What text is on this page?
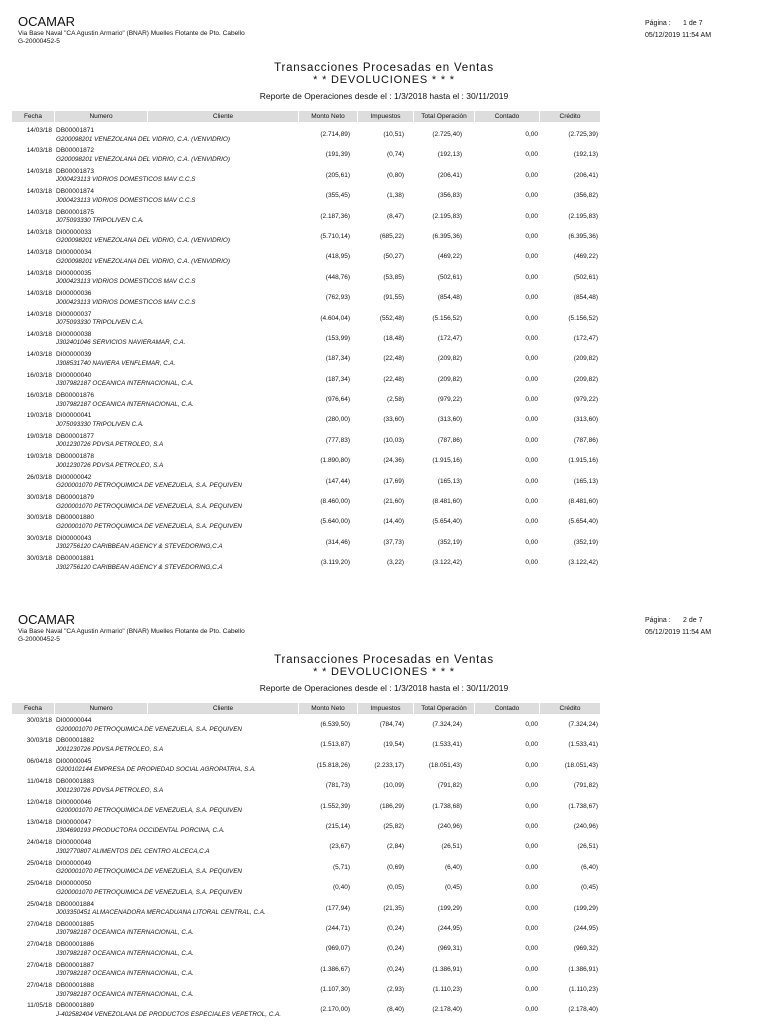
OCAMAR
Via Base Naval "CA Agustin Armario" (BNAR) Muelles Flotante de Pto. Cabello
G-20000452-5
Página : 1 de 7
05/12/2019 11:54 AM
Transacciones Procesadas en Ventas
* * DEVOLUCIONES * * *
Reporte de Operaciones desde el : 1/3/2018 hasta el : 30/11/2019
Fecha	Numero	Cliente	Monto Neto	Impuestos	Total Operación	Contado	Crédito
14/03/18 DB00001871
G200098201 VENEZOLANA DEL VIDRIO, C.A. (VENVIDRIO)
(2.714,89)	(10,51)	(2.725,40)	0,00	(2.725,39)
14/03/18 DB00001872
G200098201 VENEZOLANA DEL VIDRIO, C.A. (VENVIDRIO)
(191,39)	(0,74)	(192,13)	0,00	(192,13)
14/03/18 DB00001873
J000423113 VIDRIOS DOMESTICOS MAV C.C.S
(205,61)	(0,80)	(206,41)	0,00	(206,41)
14/03/18 DB00001874
J000423113 VIDRIOS DOMESTICOS MAV C.C.S
(355,45)	(1,38)	(356,83)	0,00	(356,82)
14/03/18 DB00001875
J075093330 TRIPOLIVEN C.A.
(2.187,36)	(8,47)	(2.195,83)	0,00	(2.195,83)
14/03/18 DI00000033
G200098201 VENEZOLANA DEL VIDRIO, C.A. (VENVIDRIO)
(5.710,14)	(685,22)	(6.395,36)	0,00	(6.395,36)
14/03/18 DI00000034
G200098201 VENEZOLANA DEL VIDRIO, C.A. (VENVIDRIO)
(418,95)	(50,27)	(469,22)	0,00	(469,22)
14/03/18 DI00000035
J000423113 VIDRIOS DOMESTICOS MAV C.C.S
(448,76)	(53,85)	(502,61)	0,00	(502,61)
14/03/18 DI00000036
J000423113 VIDRIOS DOMESTICOS MAV C.C.S
(762,93)	(91,55)	(854,48)	0,00	(854,48)
14/03/18 DI00000037
J075093330 TRIPOLIVEN C.A.
(4.604,04)	(552,48)	(5.156,52)	0,00	(5.156,52)
14/03/18 DI00000038
J302401046 SERVICIOS NAVIERAMAR, C.A.
(153,99)	(18,48)	(172,47)	0,00	(172,47)
14/03/18 DI00000039
J308531740 NAVIERA VENFLEMAR, C.A.
(187,34)	(22,48)	(209,82)	0,00	(209,82)
16/03/18 DI00000040
J307982187 OCEANICA INTERNACIONAL, C.A.
(187,34)	(22,48)	(209,82)	0,00	(209,82)
16/03/18 DB00001876
J307982187 OCEANICA INTERNACIONAL, C.A.
(976,64)	(2,58)	(979,22)	0,00	(979,22)
19/03/18 DI00000041
J075093330 TRIPOLIVEN C.A.
(280,00)	(33,60)	(313,60)	0,00	(313,60)
19/03/18 DB00001877
J001230726 PDVSA PETROLEO, S.A
(777,83)	(10,03)	(787,86)	0,00	(787,86)
19/03/18 DB00001878
J001230726 PDVSA PETROLEO, S.A
(1.890,80)	(24,36)	(1.915,16)	0,00	(1.915,16)
26/03/18 DI00000042
G200001070 PETROQUIMICA DE VENEZUELA, S.A. PEQUIVEN
(147,44)	(17,69)	(165,13)	0,00	(165,13)
30/03/18 DB00001879
G200001070 PETROQUIMICA DE VENEZUELA, S.A. PEQUIVEN
(8.460,00)	(21,60)	(8.481,60)	0,00	(8.481,60)
30/03/18 DB00001880
G200001070 PETROQUIMICA DE VENEZUELA, S.A. PEQUIVEN
(5.640,00)	(14,40)	(5.654,40)	0,00	(5.654,40)
30/03/18 DI00000043
J302756120 CARIBBEAN AGENCY & STEVEDORING,C.A
(314,46)	(37,73)	(352,19)	0,00	(352,19)
30/03/18 DB00001881
J302756120 CARIBBEAN AGENCY & STEVEDORING,C.A
(3.119,20)	(3,22)	(3.122,42)	0,00	(3.122,42)
OCAMAR
Via Base Naval "CA Agustin Armario" (BNAR) Muelles Flotante de Pto. Cabello
G-20000452-5
Página : 2 de 7
05/12/2019 11:54 AM
Transacciones Procesadas en Ventas
* * DEVOLUCIONES * * *
Reporte de Operaciones desde el : 1/3/2018 hasta el : 30/11/2019
Fecha	Numero	Cliente	Monto Neto	Impuestos	Total Operación	Contado	Crédito
30/03/18 DI00000044
G200001070 PETROQUIMICA DE VENEZUELA, S.A. PEQUIVEN
(6.539,50)	(784,74)	(7.324,24)	0,00	(7.324,24)
30/03/18 DB00001882
J001230726 PDVSA PETROLEO, S.A
(1.513,87)	(19,54)	(1.533,41)	0,00	(1.533,41)
06/04/18 DI00000045
G200102144 EMPRESA DE PROPIEDAD SOCIAL AGROPATRIA, S.A.
(15.818,26)	(2.233,17)	(18.051,43)	0,00	(18.051,43)
11/04/18 DB00001883
J001230726 PDVSA PETROLEO, S.A
(781,73)	(10,09)	(791,82)	0,00	(791,82)
12/04/18 DI00000046
G200001070 PETROQUIMICA DE VENEZUELA, S.A. PEQUIVEN
(1.552,39)	(186,29)	(1.738,68)	0,00	(1.738,67)
13/04/18 DI00000047
J304690193 PRODUCTORA OCCIDENTAL PORCINA, C.A.
(215,14)	(25,82)	(240,96)	0,00	(240,96)
24/04/18 DI00000048
J302770807 ALIMENTOS DEL CENTRO ALCECA,C.A
(23,67)	(2,84)	(26,51)	0,00	(26,51)
25/04/18 DI00000049
G200001070 PETROQUIMICA DE VENEZUELA, S.A. PEQUIVEN
(5,71)	(0,69)	(6,40)	0,00	(6,40)
25/04/18 DI00000050
G200001070 PETROQUIMICA DE VENEZUELA, S.A. PEQUIVEN
(0,40)	(0,05)	(0,45)	0,00	(0,45)
25/04/18 DB00001884
J003350451 ALMACENADORA MERCADUANA LITORAL CENTRAL, C.A.
(177,94)	(21,35)	(199,29)	0,00	(199,29)
27/04/18 DB00001885
J307982187 OCEANICA INTERNACIONAL, C.A.
(244,71)	(0,24)	(244,95)	0,00	(244,95)
27/04/18 DB00001886
J307982187 OCEANICA INTERNACIONAL, C.A.
(969,07)	(0,24)	(969,31)	0,00	(969,32)
27/04/18 DB00001887
J307982187 OCEANICA INTERNACIONAL, C.A.
(1.386,67)	(0,24)	(1.386,91)	0,00	(1.386,91)
27/04/18 DB00001888
J307982187 OCEANICA INTERNACIONAL, C.A.
(1.107,30)	(2,93)	(1.110,23)	0,00	(1.110,23)
11/05/18 DB00001889
J-402582404 VENEZOLANA DE PRODUCTOS ESPECIALES VEPETROL, C.A.
(2.170,00)	(8,40)	(2.178,40)	0,00	(2.178,40)
